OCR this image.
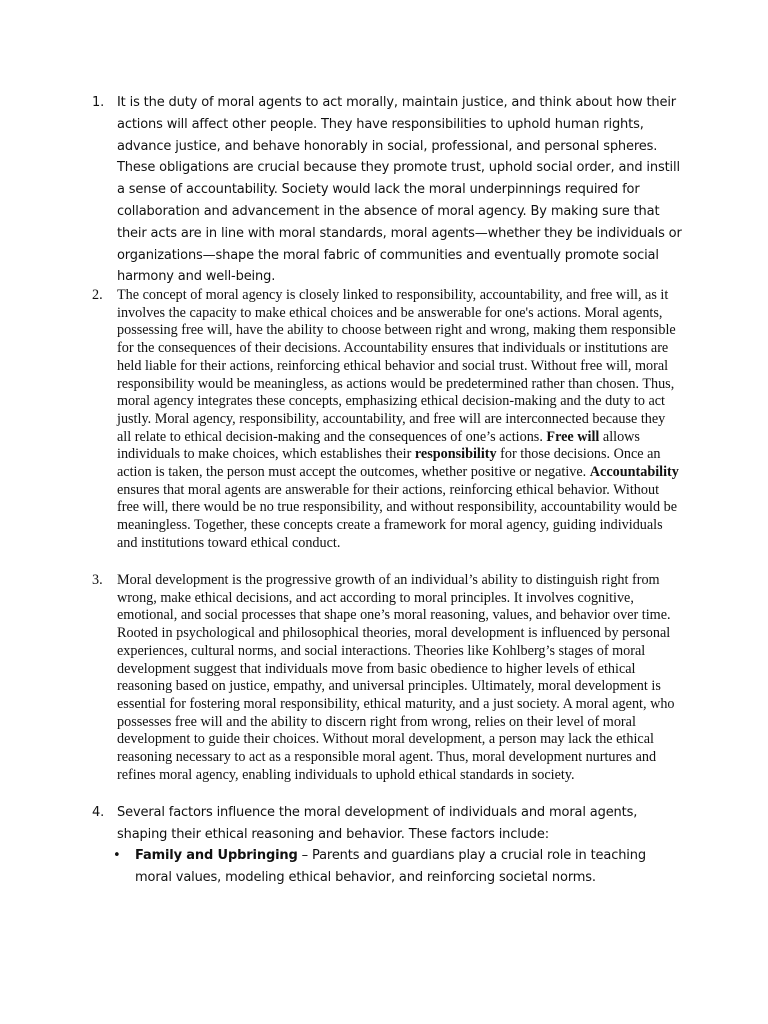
1. It is the duty of moral agents to act morally, maintain justice, and think about how their actions will affect other people. They have responsibilities to uphold human rights, advance justice, and behave honorably in social, professional, and personal spheres. These obligations are crucial because they promote trust, uphold social order, and instill a sense of accountability. Society would lack the moral underpinnings required for collaboration and advancement in the absence of moral agency. By making sure that their acts are in line with moral standards, moral agents—whether they be individuals or organizations—shape the moral fabric of communities and eventually promote social harmony and well-being.
2.	The concept of moral agency is closely linked to responsibility, accountability, and free will, as it involves the capacity to make ethical choices and be answerable for one's actions. Moral agents, possessing free will, have the ability to choose between right and wrong, making them responsible for the consequences of their decisions. Accountability ensures that individuals or institutions are held liable for their actions, reinforcing ethical behavior and social trust. Without free will, moral responsibility would be meaningless, as actions would be predetermined rather than chosen. Thus, moral agency integrates these concepts, emphasizing ethical decision-making and the duty to act justly. Moral agency, responsibility, accountability, and free will are interconnected because they all relate to ethical decision-making and the consequences of one’s actions. Free will allows individuals to make choices, which establishes their responsibility for those decisions. Once an action is taken, the person must accept the outcomes, whether positive or negative. Accountability ensures that moral agents are answerable for their actions, reinforcing ethical behavior. Without free will, there would be no true responsibility, and without responsibility, accountability would be meaningless. Together, these concepts create a framework for moral agency, guiding individuals and institutions toward ethical conduct.
3.	Moral development is the progressive growth of an individual’s ability to distinguish right from wrong, make ethical decisions, and act according to moral principles. It involves cognitive, emotional, and social processes that shape one’s moral reasoning, values, and behavior over time. Rooted in psychological and philosophical theories, moral development is influenced by personal experiences, cultural norms, and social interactions. Theories like Kohlberg’s stages of moral development suggest that individuals move from basic obedience to higher levels of ethical reasoning based on justice, empathy, and universal principles. Ultimately, moral development is essential for fostering moral responsibility, ethical maturity, and a just society. A moral agent, who possesses free will and the ability to discern right from wrong, relies on their level of moral development to guide their choices. Without moral development, a person may lack the ethical reasoning necessary to act as a responsible moral agent. Thus, moral development nurtures and refines moral agency, enabling individuals to uphold ethical standards in society.
4. Several factors influence the moral development of individuals and moral agents, shaping their ethical reasoning and behavior. These factors include:
• Family and Upbringing – Parents and guardians play a crucial role in teaching moral values, modeling ethical behavior, and reinforcing societal norms.
